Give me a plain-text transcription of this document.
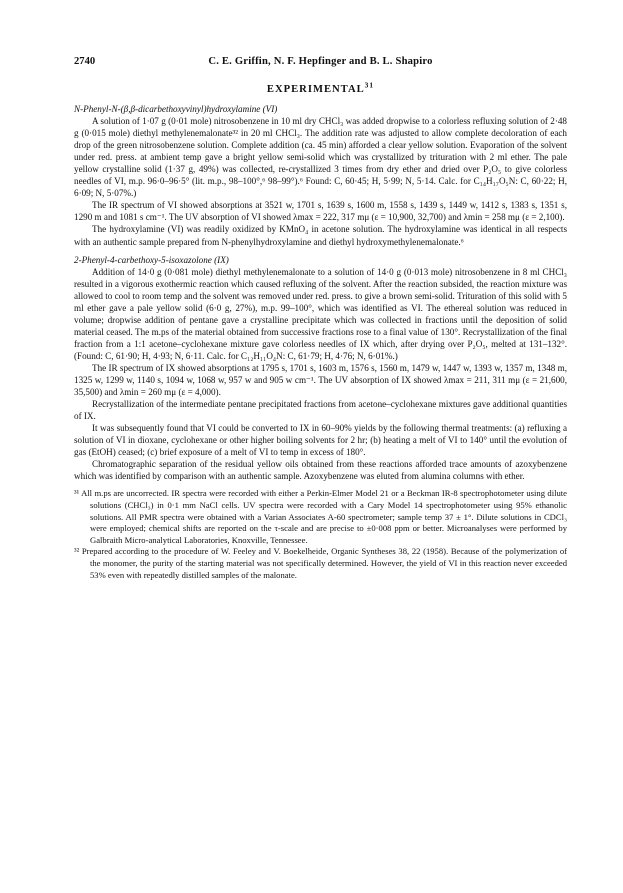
2740	C. E. Griffin, N. F. Hepfinger and B. L. Shapiro
EXPERIMENTAL$^{31}$

N-Phenyl-N-(β,β-dicarbethoxyvinyl)hydroxylamine (VI)

A solution of 1·07 g (0·01 mole) nitrosobenzene in 10 ml dry CHCl₃ was added dropwise to a colorless refluxing solution of 2·48 g (0·015 mole) diethyl methylenemalonate³² in 20 ml CHCl₃. The addition rate was adjusted to allow complete decoloration of each drop of the green nitrosobenzene solution. Complete addition (ca. 45 min) afforded a clear yellow solution. Evaporation of the solvent under red. press. at ambient temp gave a bright yellow semi-solid which was crystallized by trituration with 2 ml ether. The pale yellow crystalline solid (1·37 g, 49%) was collected, re-crystallized 3 times from dry ether and dried over P₂O₅ to give colorless needles of VI, m.p. 96·0–96·5° (lit. m.p., 98–100°,⁶ 98–99°).⁶ Found: C, 60·45; H, 5·99; N, 5·14. Calc. for C₁₄H₁₇O₅N: C, 60·22; H, 6·09; N, 5·07%.)

The IR spectrum of VI showed absorptions at 3521 w, 1701 s, 1639 s, 1600 m, 1558 s, 1439 s, 1449 w, 1412 s, 1383 s, 1351 s, 1290 m and 1081 s cm⁻¹. The UV absorption of VI showed λmax = 222, 317 mμ (ε = 10,900, 32,700) and λmin = 258 mμ (ε = 2,100).

The hydroxylamine (VI) was readily oxidized by KMnO₄ in acetone solution. The hydroxylamine was identical in all respects with an authentic sample prepared from N-phenylhydroxylamine and diethyl hydroxymethylenemalonate.⁶

2-Phenyl-4-carbethoxy-5-isoxazolone (IX)

Addition of 14·0 g (0·081 mole) diethyl methylenemalonate to a solution of 14·0 g (0·013 mole) nitrosobenzene in 8 ml CHCl₃ resulted in a vigorous exothermic reaction which caused refluxing of the solvent. After the reaction subsided, the reaction mixture was allowed to cool to room temp and the solvent was removed under red. press. to give a brown semi-solid. Trituration of this solid with 5 ml ether gave a pale yellow solid (6·0 g, 27%), m.p. 99–100°, which was identified as VI. The ethereal solution was reduced in volume; dropwise addition of pentane gave a crystalline precipitate which was collected in fractions until the deposition of solid material ceased. The m.ps of the material obtained from successive fractions rose to a final value of 130°. Recrystallization of the final fraction from a 1:1 acetone–cyclohexane mixture gave colorless needles of IX which, after drying over P₂O₅, melted at 131–132°. (Found: C, 61·90; H, 4·93; N, 6·11. Calc. for C₁₂H₁₁O₄N: C, 61·79; H, 4·76; N, 6·01%.)

The IR spectrum of IX showed absorptions at 1795 s, 1701 s, 1603 m, 1576 s, 1560 m, 1479 w, 1447 w, 1393 w, 1357 m, 1348 m, 1325 w, 1299 w, 1140 s, 1094 w, 1068 w, 957 w and 905 w cm⁻¹. The UV absorption of IX showed λmax = 211, 311 mμ (ε = 21,600, 35,500) and λmin = 260 mμ (ε = 4,000).

Recrystallization of the intermediate pentane precipitated fractions from acetone–cyclohexane mixtures gave additional quantities of IX.

It was subsequently found that VI could be converted to IX in 60–90% yields by the following thermal treatments: (a) refluxing a solution of VI in dioxane, cyclohexane or other higher boiling solvents for 2 hr; (b) heating a melt of VI to 140° until the evolution of gas (EtOH) ceased; (c) brief exposure of a melt of VI to temp in excess of 180°.

Chromatographic separation of the residual yellow oils obtained from these reactions afforded trace amounts of azoxybenzene which was identified by comparison with an authentic sample. Azoxybenzene was eluted from alumina columns with ether.

³¹ All m.ps are uncorrected. IR spectra were recorded with either a Perkin-Elmer Model 21 or a Beckman IR-8 spectrophotometer using dilute solutions (CHCl₃) in 0·1 mm NaCl cells. UV spectra were recorded with a Cary Model 14 spectrophotometer using 95% ethanolic solutions. All PMR spectra were obtained with a Varian Associates A-60 spectrometer; sample temp 37 ± 1°. Dilute solutions in CDCl₃ were employed; chemical shifts are reported on the τ-scale and are precise to ±0·008 ppm or better. Microanalyses were performed by Galbraith Micro-analytical Laboratories, Knoxville, Tennessee.

³² Prepared according to the procedure of W. Feeley and V. Boekelheide, Organic Syntheses 38, 22 (1958). Because of the polymerization of the monomer, the purity of the starting material was not specifically determined. However, the yield of VI in this reaction never exceeded 53% even with repeatedly distilled samples of the malonate.
